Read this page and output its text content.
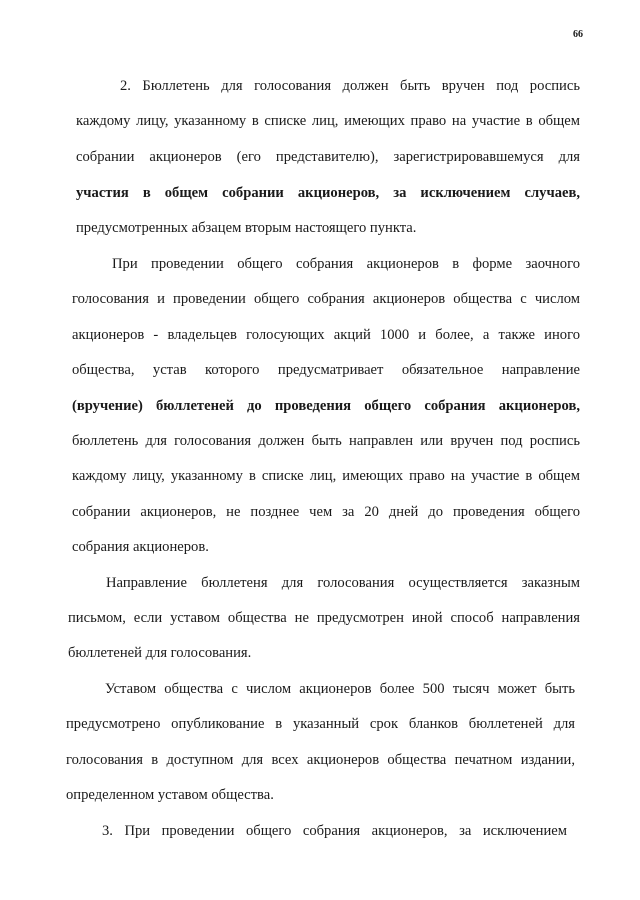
66
2. Бюллетень для голосования должен быть вручен под роспись
каждому лицу, указанному в списке лиц, имеющих право на участие в общем
собрании акционеров (его представителю), зарегистрировавшемуся для
участия в общем собрании акционеров, за исключением случаев,
предусмотренных абзацем вторым настоящего пункта.
При проведении общего собрания акционеров в форме заочного
голосования и проведении общего собрания акционеров общества с числом
акционеров - владельцев голосующих акций 1000 и более, а также иного
общества, устав которого предусматривает обязательное направление
(вручение) бюллетеней до проведения общего собрания акционеров,
бюллетень для голосования должен быть направлен или вручен под роспись
каждому лицу, указанному в списке лиц, имеющих право на участие в общем
собрании акционеров, не позднее чем за 20 дней до проведения общего
собрания акционеров.
Направление бюллетеня для голосования осуществляется заказным
письмом, если уставом общества не предусмотрен иной способ направления
бюллетеней для голосования.
Уставом общества с числом акционеров более 500 тысяч может быть
предусмотрено опубликование в указанный срок бланков бюллетеней для
голосования в доступном для всех акционеров общества печатном издании,
определенном уставом общества.
3. При проведении общего собрания акционеров, за исключением
